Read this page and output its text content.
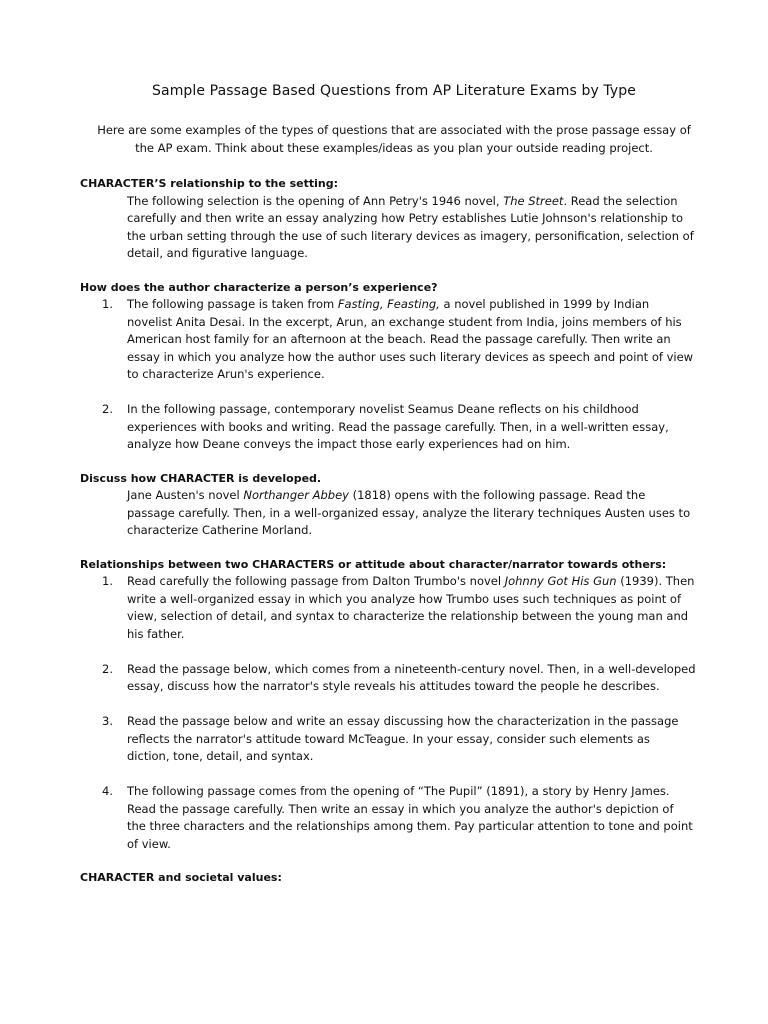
Sample Passage Based Questions from AP Literature Exams by Type
Here are some examples of the types of questions that are associated with the prose passage essay of the AP exam. Think about these examples/ideas as you plan your outside reading project.
CHARACTER’S relationship to the setting:
The following selection is the opening of Ann Petry's 1946 novel, The Street. Read the selection carefully and then write an essay analyzing how Petry establishes Lutie Johnson's relationship to the urban setting through the use of such literary devices as imagery, personification, selection of detail, and figurative language.
How does the author characterize a person’s experience?
1. The following passage is taken from Fasting, Feasting, a novel published in 1999 by Indian novelist Anita Desai. In the excerpt, Arun, an exchange student from India, joins members of his American host family for an afternoon at the beach. Read the passage carefully. Then write an essay in which you analyze how the author uses such literary devices as speech and point of view to characterize Arun's experience.
2. In the following passage, contemporary novelist Seamus Deane reflects on his childhood experiences with books and writing. Read the passage carefully. Then, in a well-written essay, analyze how Deane conveys the impact those early experiences had on him.
Discuss how CHARACTER is developed.
Jane Austen's novel Northanger Abbey (1818) opens with the following passage. Read the passage carefully. Then, in a well-organized essay, analyze the literary techniques Austen uses to characterize Catherine Morland.
Relationships between two CHARACTERS or attitude about character/narrator towards others:
1. Read carefully the following passage from Dalton Trumbo's novel Johnny Got His Gun (1939). Then write a well-organized essay in which you analyze how Trumbo uses such techniques as point of view, selection of detail, and syntax to characterize the relationship between the young man and his father.
2. Read the passage below, which comes from a nineteenth-century novel. Then, in a well-developed essay, discuss how the narrator's style reveals his attitudes toward the people he describes.
3. Read the passage below and write an essay discussing how the characterization in the passage reflects the narrator's attitude toward McTeague. In your essay, consider such elements as diction, tone, detail, and syntax.
4. The following passage comes from the opening of “The Pupil” (1891), a story by Henry James. Read the passage carefully. Then write an essay in which you analyze the author's depiction of the three characters and the relationships among them. Pay particular attention to tone and point of view.
CHARACTER and societal values:
